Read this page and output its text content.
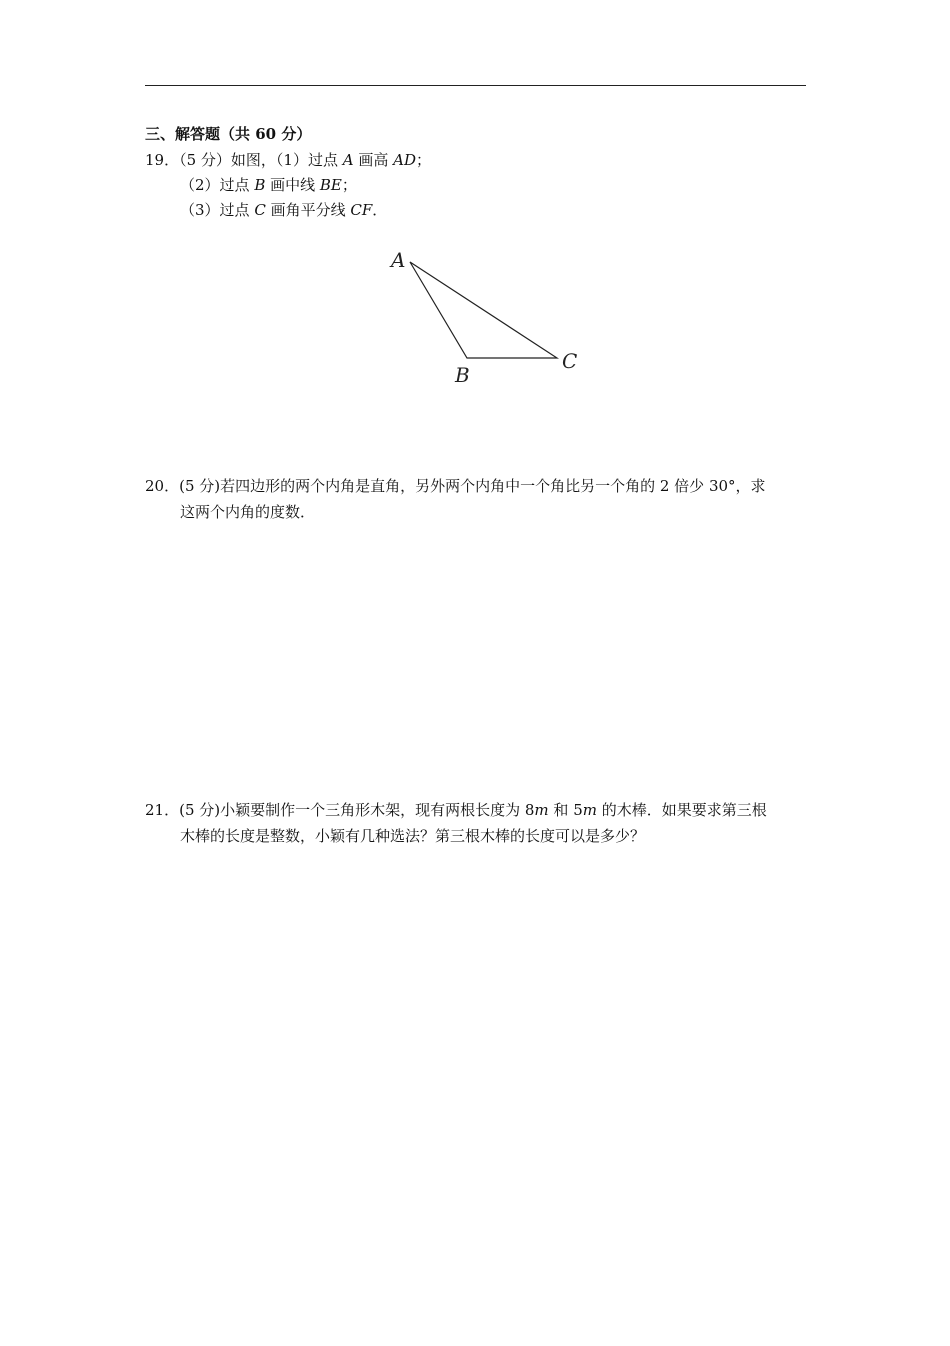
三、解答题（共 60 分）
19．（5 分）如图，（1）过点 A 画高 AD；
（2）过点 B 画中线 BE；
（3）过点 C 画角平分线 CF．
A
B
C
20．(5 分)若四边形的两个内角是直角，另外两个内角中一个角比另一个角的 2 倍少 30°，求
这两个内角的度数．
21．(5 分)小颖要制作一个三角形木架，现有两根长度为 8m 和 5m 的木棒．如果要求第三根
木棒的长度是整数，小颖有几种选法？第三根木棒的长度可以是多少？
